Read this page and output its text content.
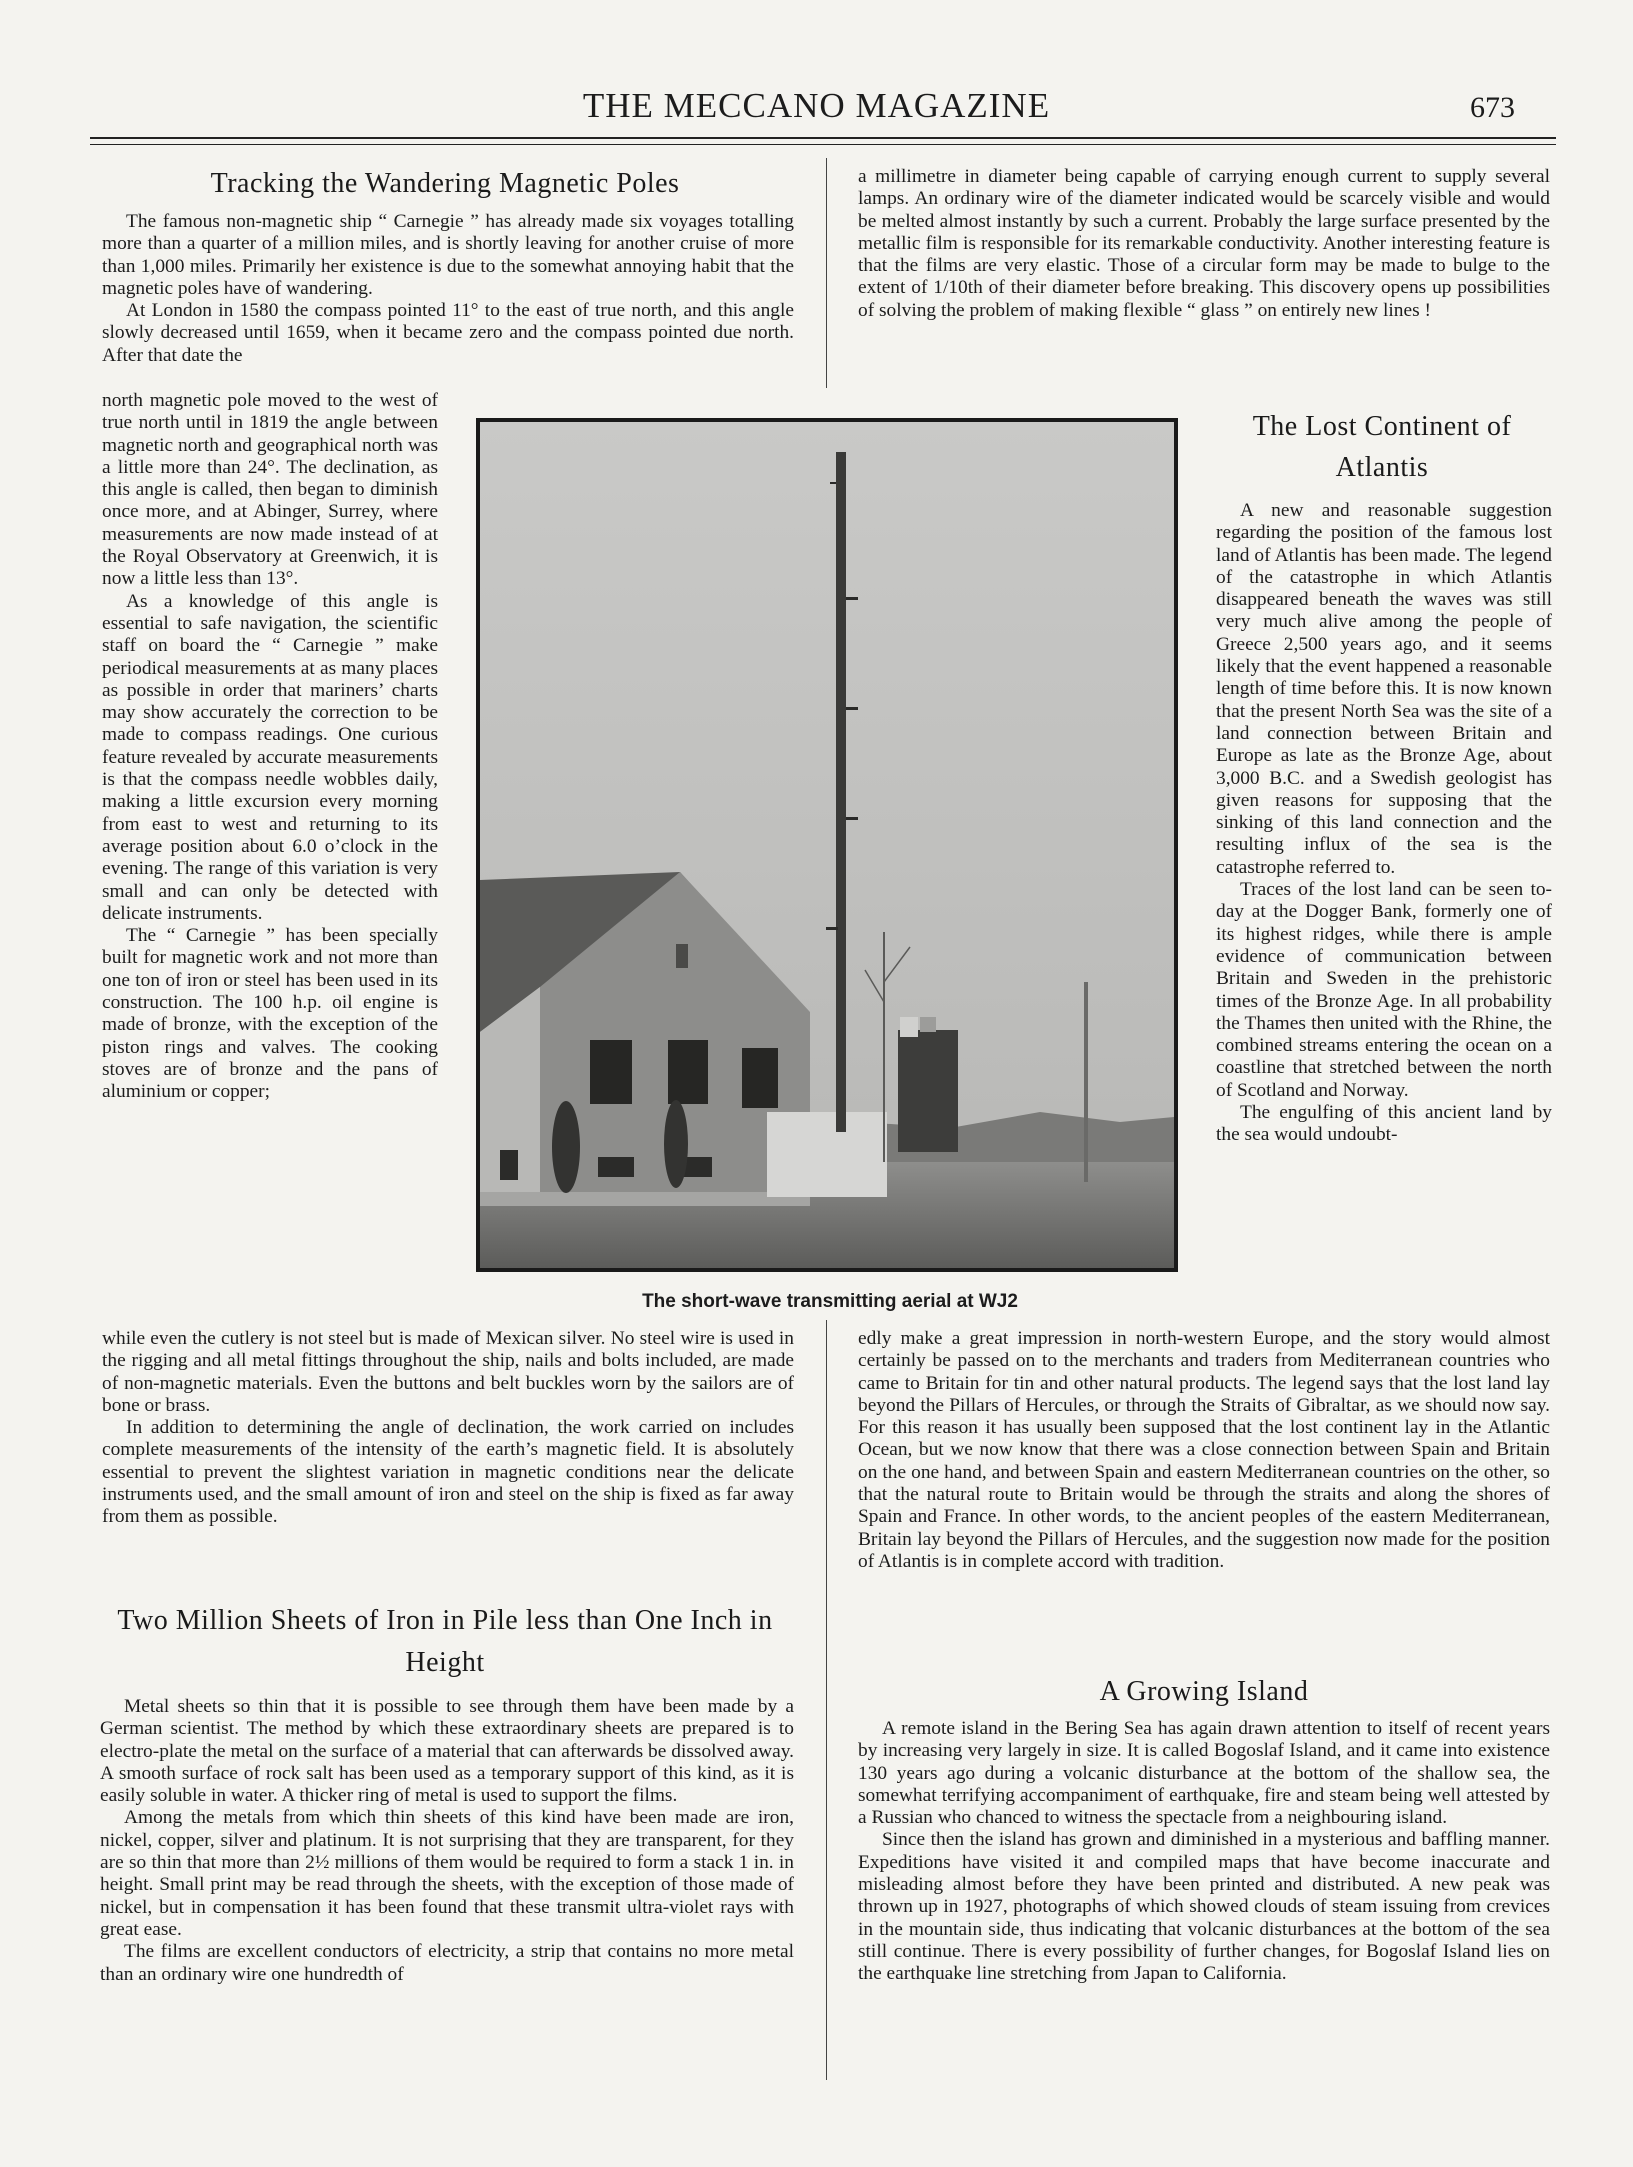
THE MECCANO MAGAZINE	673
Tracking the Wandering Magnetic Poles

The famous non-magnetic ship “ Carnegie ” has already made six voyages totalling more than a quarter of a million miles, and is shortly leaving for another cruise of more than 1,000 miles. Primarily her existence is due to the somewhat annoying habit that the magnetic poles have of wandering.

At London in 1580 the compass pointed 11° to the east of true north, and this angle slowly decreased until 1659, when it became zero and the compass pointed due north. After that date the

north magnetic pole moved to the west of true north until in 1819 the angle between magnetic north and geographical north was a little more than 24°. The declination, as this angle is called, then began to diminish once more, and at Abinger, Surrey, where measurements are now made instead of at the Royal Observatory at Greenwich, it is now a little less than 13°.

As a knowledge of this angle is essential to safe navigation, the scientific staff on board the “ Carnegie ” make periodical measurements at as many places as possible in order that mariners’ charts may show accurately the correction to be made to compass readings. One curious feature revealed by accurate measurements is that the compass needle wobbles daily, making a little excursion every morning from east to west and returning to its average position about 6.0 o’clock in the evening. The range of this variation is very small and can only be detected with delicate instruments.

The “ Carnegie ” has been specially built for magnetic work and not more than one ton of iron or steel has been used in its construction. The 100 h.p. oil engine is made of bronze, with the exception of the piston rings and valves. The cooking stoves are of bronze and the pans of aluminium or copper;

while even the cutlery is not steel but is made of Mexican silver. No steel wire is used in the rigging and all metal fittings throughout the ship, nails and bolts included, are made of non-magnetic materials. Even the buttons and belt buckles worn by the sailors are of bone or brass.

In addition to determining the angle of declination, the work carried on includes complete measurements of the intensity of the earth’s magnetic field. It is absolutely essential to prevent the slightest variation in magnetic conditions near the delicate instruments used, and the small amount of iron and steel on the ship is fixed as far away from them as possible.

Two Million Sheets of Iron in Pile less than One Inch in Height

Metal sheets so thin that it is possible to see through them have been made by a German scientist. The method by which these extraordinary sheets are prepared is to electro-plate the metal on the surface of a material that can afterwards be dissolved away. A smooth surface of rock salt has been used as a temporary support of this kind, as it is easily soluble in water. A thicker ring of metal is used to support the films.

Among the metals from which thin sheets of this kind have been made are iron, nickel, copper, silver and platinum. It is not surprising that they are transparent, for they are so thin that more than 2½ millions of them would be required to form a stack 1 in. in height. Small print may be read through the sheets, with the exception of those made of nickel, but in compensation it has been found that these transmit ultra-violet rays with great ease.

The films are excellent conductors of electricity, a strip that contains no more metal than an ordinary wire one hundredth of

a millimetre in diameter being capable of carrying enough current to supply several lamps. An ordinary wire of the diameter indicated would be scarcely visible and would be melted almost instantly by such a current. Probably the large surface presented by the metallic film is responsible for its remarkable conductivity. Another interesting feature is that the films are very elastic. Those of a circular form may be made to bulge to the extent of 1/10th of their diameter before breaking. This discovery opens up possibilities of solving the problem of making flexible “ glass ” on entirely new lines !

The Lost Continent of Atlantis

A new and reasonable suggestion regarding the position of the famous lost land of Atlantis has been made. The legend of the catastrophe in which Atlantis disappeared beneath the waves was still very much alive among the people of Greece 2,500 years ago, and it seems likely that the event happened a reasonable length of time before this. It is now known that the present North Sea was the site of a land connection between Britain and Europe as late as the Bronze Age, about 3,000 B.C. and a Swedish geologist has given reasons for supposing that the sinking of this land connection and the resulting influx of the sea is the catastrophe referred to.

Traces of the lost land can be seen to-day at the Dogger Bank, formerly one of its highest ridges, while there is ample evidence of communication between Britain and Sweden in the prehistoric times of the Bronze Age. In all probability the Thames then united with the Rhine, the combined streams entering the ocean on a coastline that stretched between the north of Scotland and Norway.

The engulfing of this ancient land by the sea would undoubt-

edly make a great impression in north-western Europe, and the story would almost certainly be passed on to the merchants and traders from Mediterranean countries who came to Britain for tin and other natural products. The legend says that the lost land lay beyond the Pillars of Hercules, or through the Straits of Gibraltar, as we should now say. For this reason it has usually been supposed that the lost continent lay in the Atlantic Ocean, but we now know that there was a close connection between Spain and Britain on the one hand, and between Spain and eastern Mediterranean countries on the other, so that the natural route to Britain would be through the straits and along the shores of Spain and France. In other words, to the ancient peoples of the eastern Mediterranean, Britain lay beyond the Pillars of Hercules, and the suggestion now made for the position of Atlantis is in complete accord with tradition.

A Growing Island

A remote island in the Bering Sea has again drawn attention to itself of recent years by increasing very largely in size. It is called Bogoslaf Island, and it came into existence 130 years ago during a volcanic disturbance at the bottom of the shallow sea, the somewhat terrifying accompaniment of earthquake, fire and steam being well attested by a Russian who chanced to witness the spectacle from a neighbouring island.

Since then the island has grown and diminished in a mysterious and baffling manner. Expeditions have visited it and compiled maps that have become inaccurate and misleading almost before they have been printed and distributed. A new peak was thrown up in 1927, photographs of which showed clouds of steam issuing from crevices in the mountain side, thus indicating that volcanic disturbances at the bottom of the sea still continue. There is every possibility of further changes, for Bogoslaf Island lies on the earthquake line stretching from Japan to California.

The short-wave transmitting aerial at WJ2
